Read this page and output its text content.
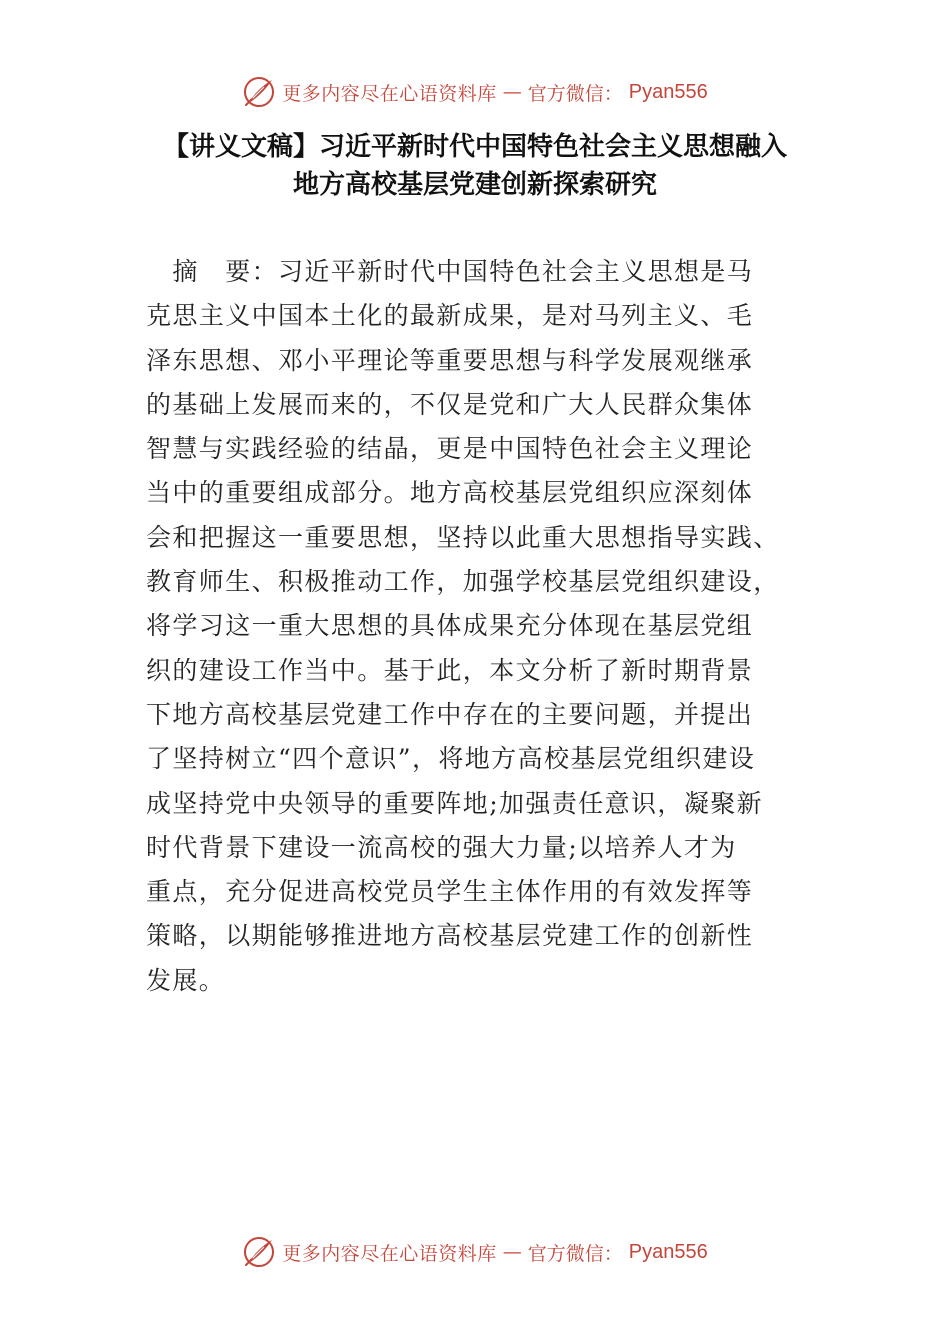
更多内容尽在心语资料库 — 官方微信： Pyan556
【讲义文稿】习近平新时代中国特色社会主义思想融入
地方高校基层党建创新探索研究
　摘　要：习近平新时代中国特色社会主义思想是马
克思主义中国本土化的最新成果，是对马列主义、毛
泽东思想、邓小平理论等重要思想与科学发展观继承
的基础上发展而来的，不仅是党和广大人民群众集体
智慧与实践经验的结晶，更是中国特色社会主义理论
当中的重要组成部分。地方高校基层党组织应深刻体
会和把握这一重要思想，坚持以此重大思想指导实践、
教育师生、积极推动工作，加强学校基层党组织建设，
将学习这一重大思想的具体成果充分体现在基层党组
织的建设工作当中。基于此，本文分析了新时期背景
下地方高校基层党建工作中存在的主要问题，并提出
了坚持树立“四个意识”，将地方高校基层党组织建设
成坚持党中央领导的重要阵地;加强责任意识，凝聚新
时代背景下建设一流高校的强大力量;以培养人才为
重点，充分促进高校党员学生主体作用的有效发挥等
策略，以期能够推进地方高校基层党建工作的创新性
发展。
更多内容尽在心语资料库 — 官方微信： Pyan556
